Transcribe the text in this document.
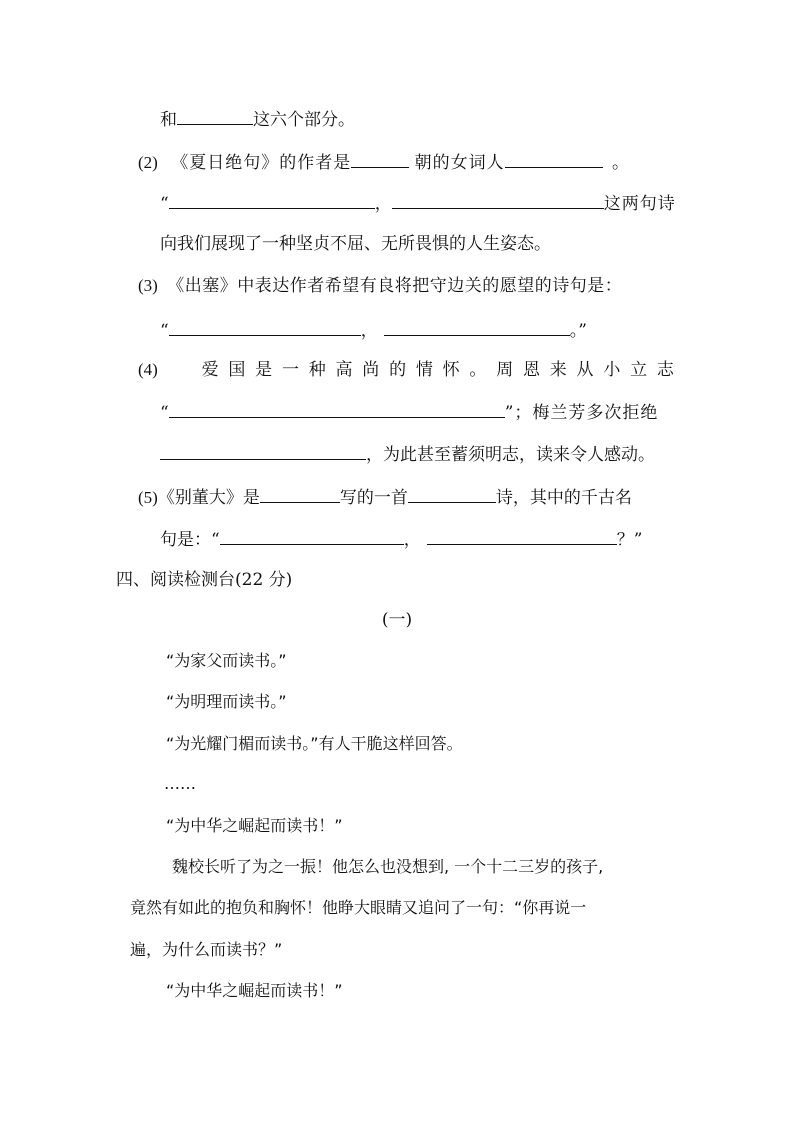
和	这六个部分。
(2) 《夏日绝句》的作者是	朝的女词人	。
“	，	这两句诗
向我们展现了一种坚贞不屈、无所畏惧的人生姿态。
(3) 《出塞》中表达作者希望有良将把守边关的愿望的诗句是：
“	，	。”
(4)	爱 国 是 一 种 高 尚 的 情 怀 。 周 恩 来 从 小 立 志
“	”；梅兰芳多次拒绝
，为此甚至蓄须明志，读来令人感动。
(5)《别董大》是	写的一首	诗，其中的千古名
句是：“	，	？”
四、阅读检测台(22 分)
(一)
“为家父而读书。”
“为明理而读书。”
“为光耀门楣而读书。”有人干脆这样回答。
……
“为中华之崛起而读书！”
魏校长听了为之一振！他怎么也没想到, 一个十二三岁的孩子,
竟然有如此的抱负和胸怀！他睁大眼睛又追问了一句：“你再说一
遍，为什么而读书？”
“为中华之崛起而读书！”
